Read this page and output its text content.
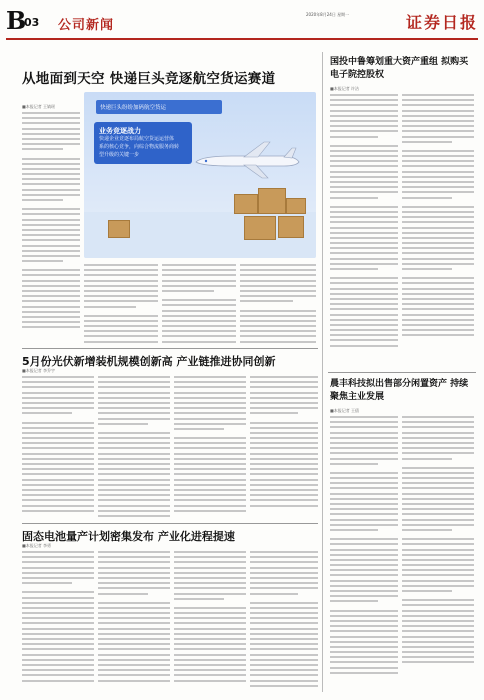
B
03 公司新闻
2020年8月24日 星期一	证券日报
从地面到天空 快递巨头竞逐航空货运赛道
■本报记者 王婧瑶	快递巨头纷纷加码航空货运
业务竞逐战力
快递企业竞逐布局航空货运运营体
系的核心竞争，向综合物流服务商转
型升级的关键一步
国投中鲁筹划重大资产重组 拟购买电子院控股权
■本报记者 许洁
5月份光伏新增装机规模创新高 产业链推进协同创新
■本报记者 李乔宇
晨丰科技拟出售部分闲置资产 持续聚焦主业发展
■本报记者 王僖
固态电池量产计划密集发布 产业化进程提速
■本报记者 李勇
